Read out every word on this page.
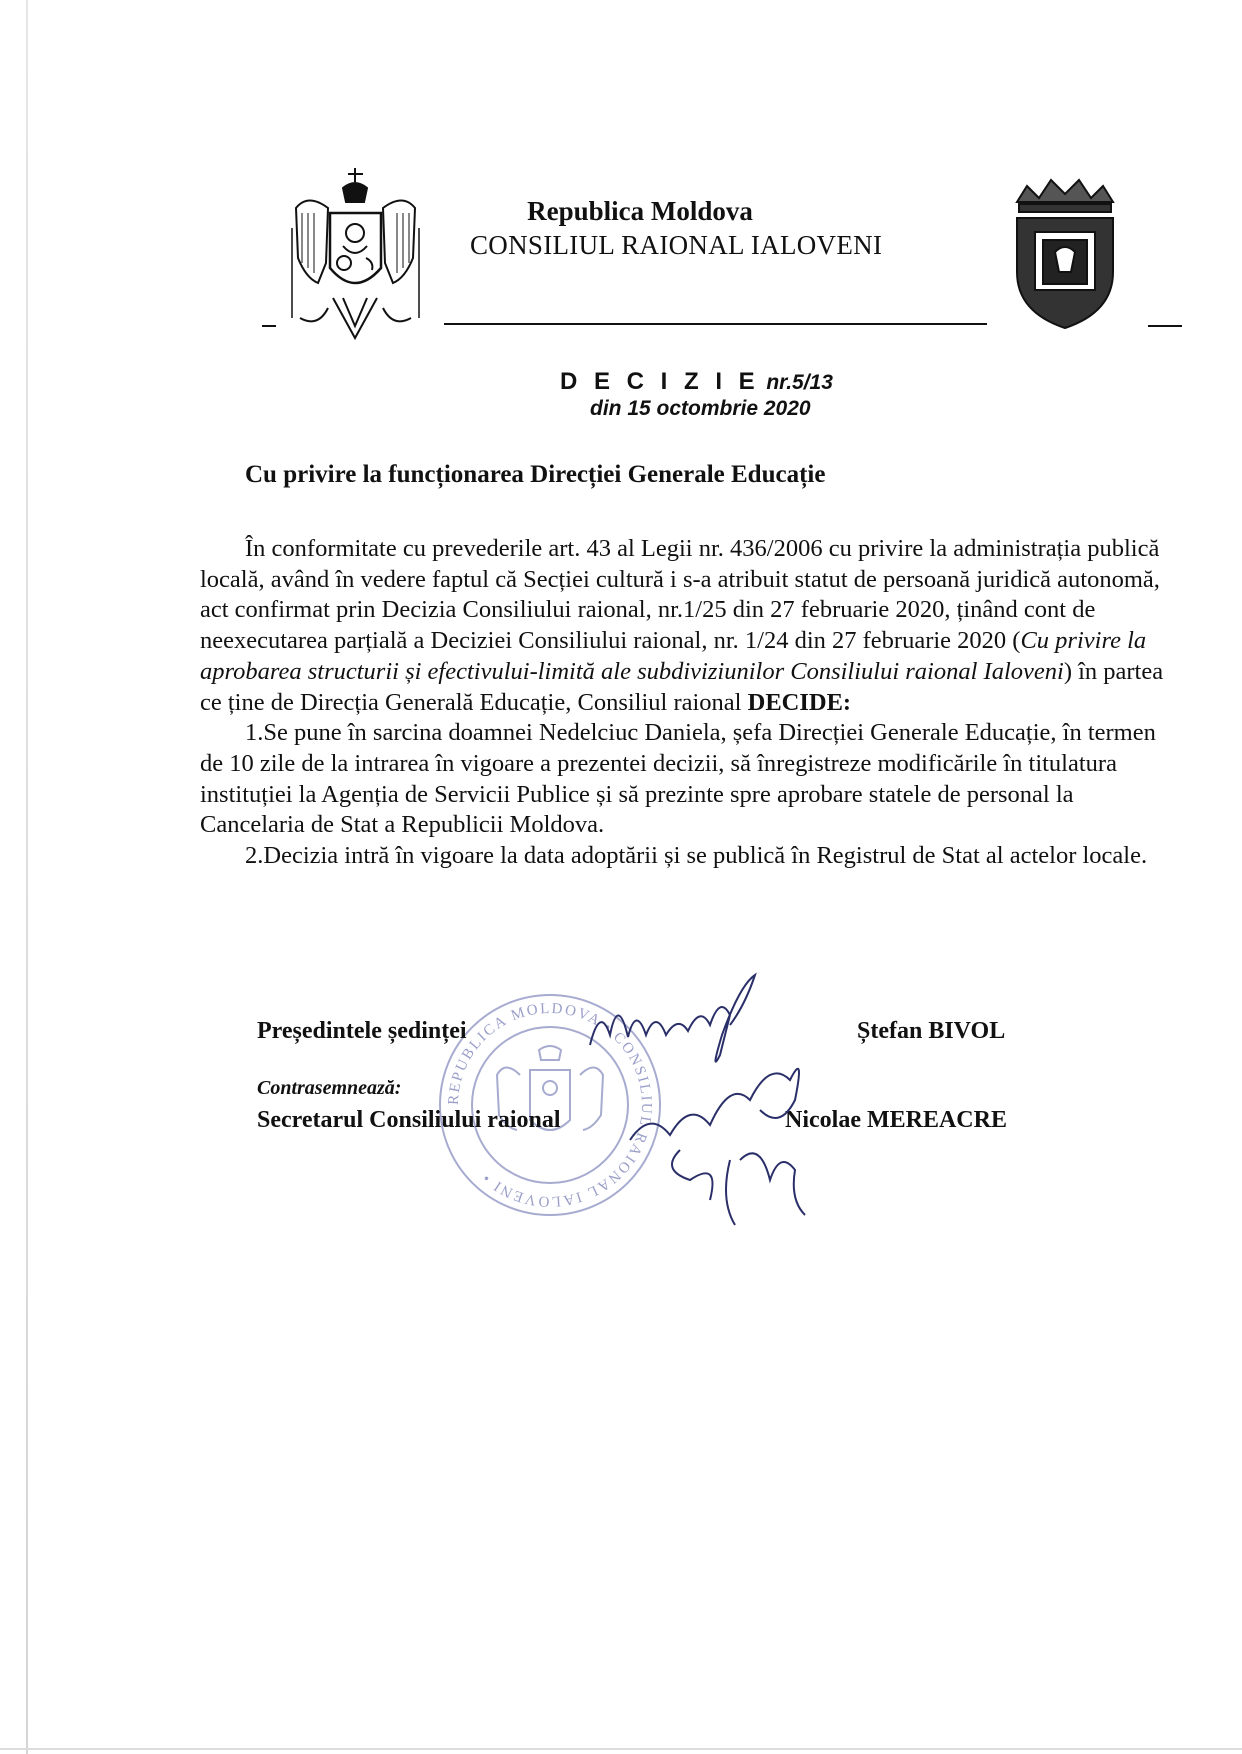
Republica Moldova
CONSILIUL RAIONAL IALOVENI
D E C I Z I E nr.5/13
din 15 octombrie 2020
Cu privire la funcționarea Direcției Generale Educație

În conformitate cu prevederile art. 43 al Legii nr. 436/2006 cu privire la administrația publică locală, având în vedere faptul că Secției cultură i s-a atribuit statut de persoană juridică autonomă, act confirmat prin Decizia Consiliului raional, nr.1/25 din 27 februarie 2020, ținând cont de neexecutarea parțială a Deciziei Consiliului raional, nr. 1/24 din 27 februarie 2020 (Cu privire la aprobarea structurii și efectivului-limită ale subdiviziunilor Consiliului raional Ialoveni) în partea ce ține de Direcția Generală Educație, Consiliul raional DECIDE:

1.Se pune în sarcina doamnei Nedelciuc Daniela, șefa Direcției Generale Educație, în termen de 10 zile de la intrarea în vigoare a prezentei decizii, să înregistreze modificările în titulatura instituției la Agenția de Servicii Publice și să prezinte spre aprobare statele de personal la Cancelaria de Stat a Republicii Moldova.

2.Decizia intră în vigoare la data adoptării și se publică în Registrul de Stat al actelor locale.

REPUBLICA MOLDOVA • CONSILIUL RAIONAL IALOVENI •
Președintele ședinței	Ștefan BIVOL
Contrasemnează:
Secretarul Consiliului raional	Nicolae MEREACRE
